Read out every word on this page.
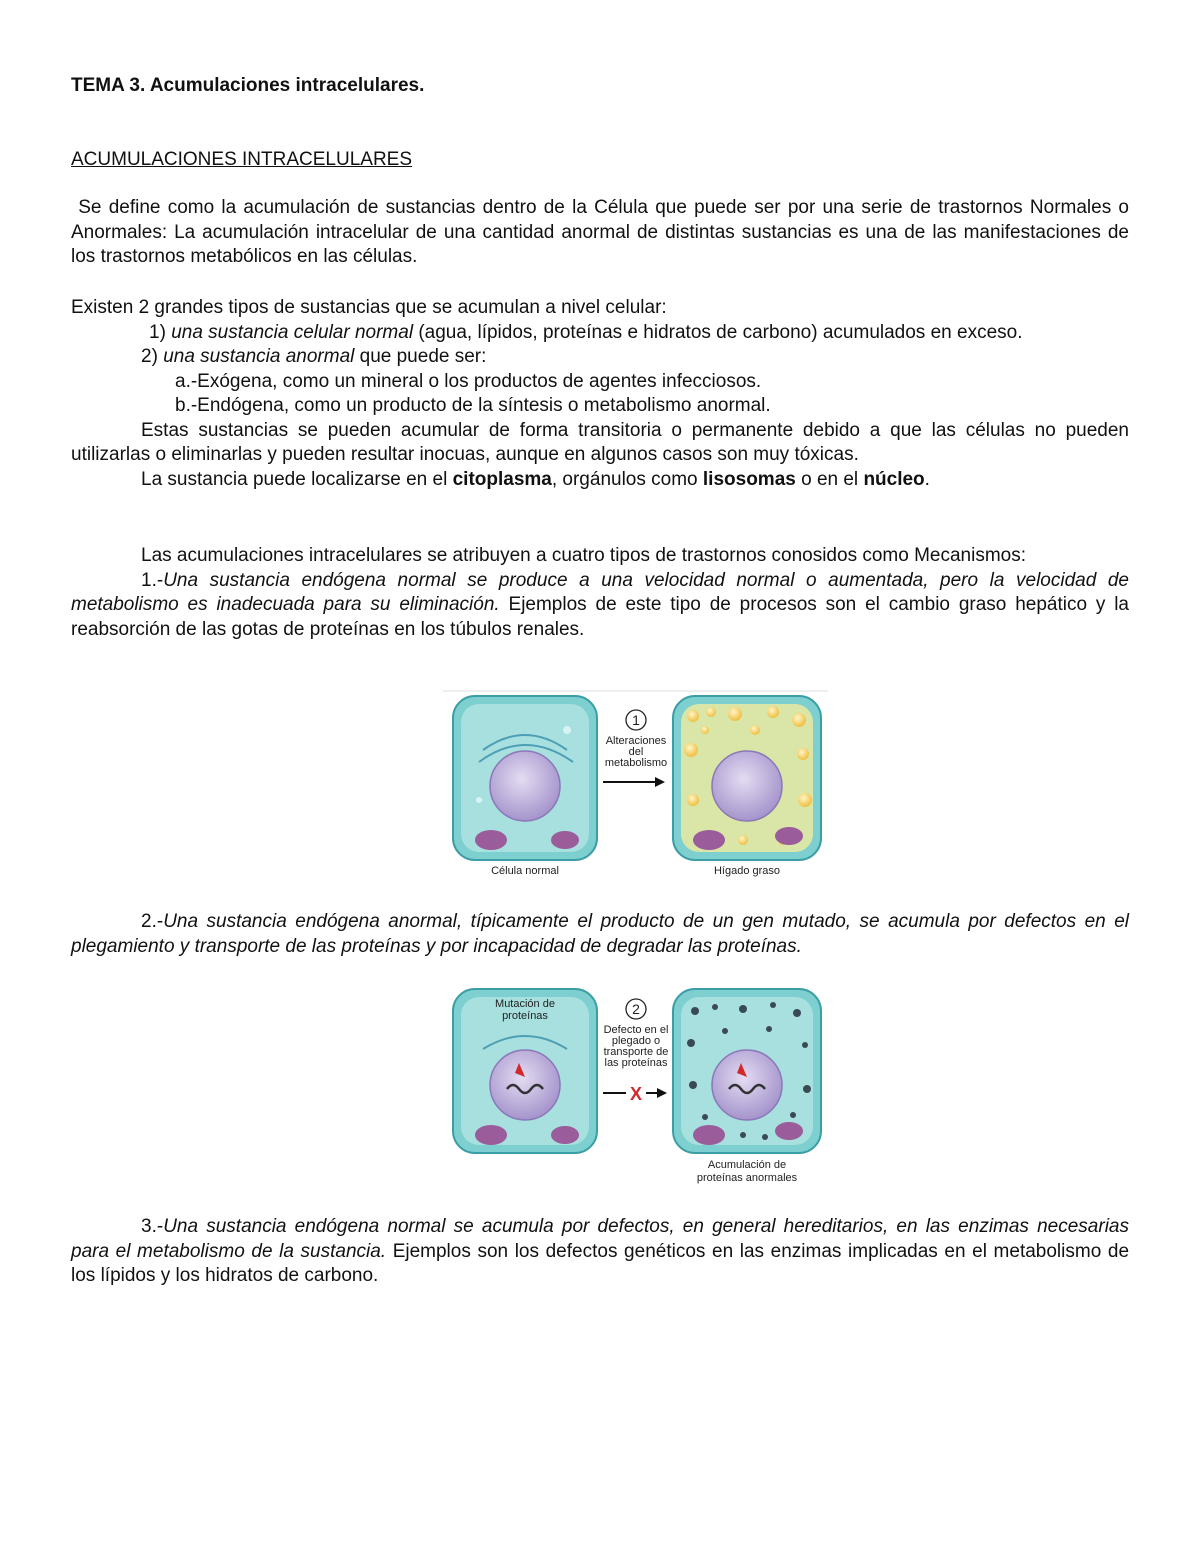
TEMA 3. Acumulaciones intracelulares.
ACUMULACIONES INTRACELULARES

Se define como la acumulación de sustancias dentro de la Célula que puede ser por una serie de trastornos Normales o Anormales: La acumulación intracelular de una cantidad anormal de distintas sustancias es una de las manifestaciones de los trastornos metabólicos en las células.

Existen 2 grandes tipos de sustancias que se acumulan a nivel celular:

1) una sustancia celular normal (agua, lípidos, proteínas e hidratos de carbono) acumulados en exceso.

2) una sustancia anormal que puede ser:

a.-Exógena, como un mineral o los productos de agentes infecciosos.

b.-Endógena, como un producto de la síntesis o metabolismo anormal.

Estas sustancias se pueden acumular de forma transitoria o permanente debido a que las células no pueden utilizarlas o eliminarlas y pueden resultar inocuas, aunque en algunos casos son muy tóxicas.

La sustancia puede localizarse en el citoplasma, orgánulos como lisosomas o en el núcleo.

Las acumulaciones intracelulares se atribuyen a cuatro tipos de trastornos conosidos como Mecanismos:

1.-Una sustancia endógena normal se produce a una velocidad normal o aumentada, pero la velocidad de metabolismo es inadecuada para su eliminación. Ejemplos de este tipo de procesos son el cambio graso hepático y la reabsorción de las gotas de proteínas en los túbulos renales.

2.-Una sustancia endógena anormal, típicamente el producto de un gen mutado, se acumula por defectos en el plegamiento y transporte de las proteínas y por incapacidad de degradar las proteínas.

3.-Una sustancia endógena normal se acumula por defectos, en general hereditarios, en las enzimas necesarias para el metabolismo de la sustancia. Ejemplos son los defectos genéticos en las enzimas implicadas en el metabolismo de los lípidos y los hidratos de carbono.

1
Alteraciones
del
metabolismo
Célula normal	Hígado graso
Mutación de
proteínas	2
Defecto en el
plegado o
transporte de
las proteínas
X
Acumulación de
proteínas anormales
